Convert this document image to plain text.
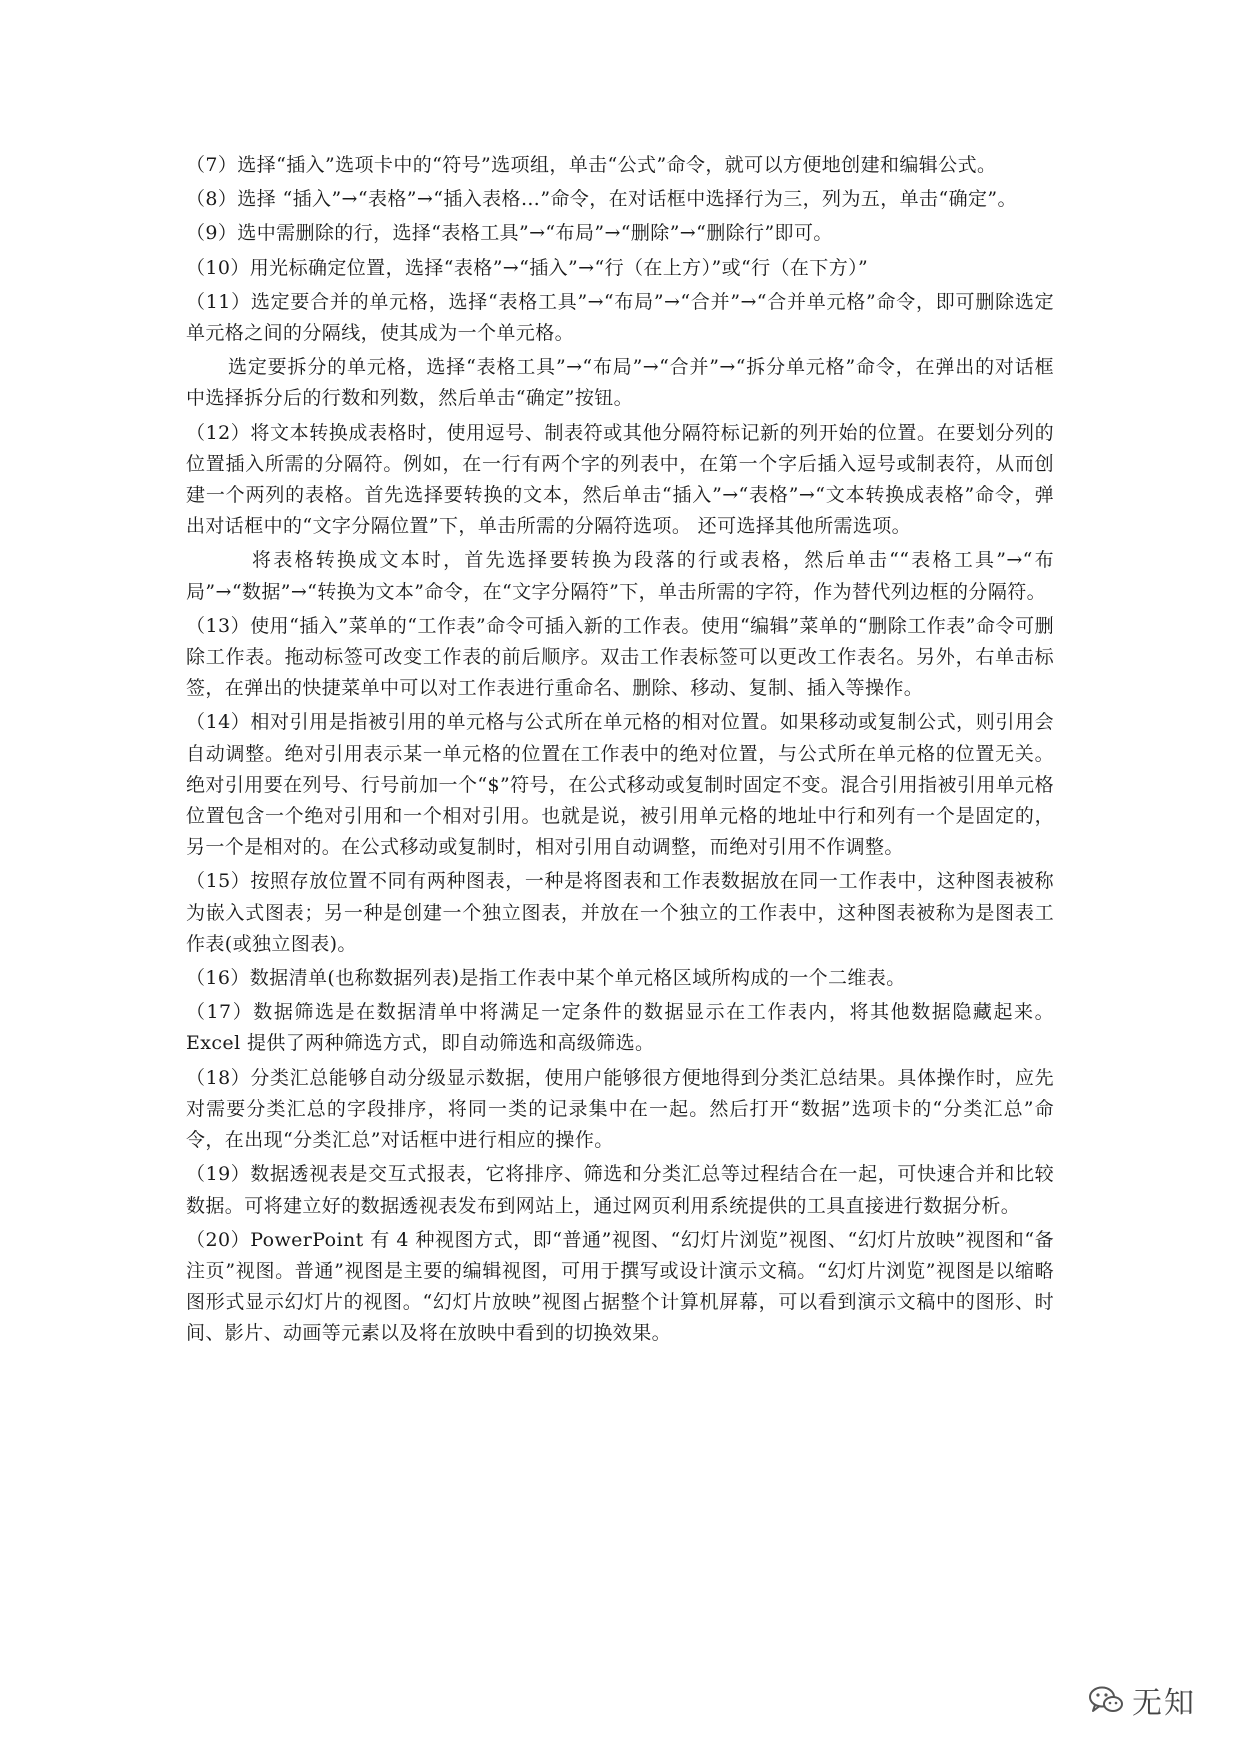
（7）选择“插入”选项卡中的“符号”选项组，单击“公式”命令，就可以方便地创建和编辑公式。

（8）选择 “插入”→“表格”→“插入表格…”命令，在对话框中选择行为三，列为五，单击“确定”。

（9）选中需删除的行，选择“表格工具”→“布局”→“删除”→“删除行”即可。

（10）用光标确定位置，选择“表格”→“插入”→“行（在上方）”或“行（在下方）”

（11）选定要合并的单元格，选择“表格工具”→“布局”→“合并”→“合并单元格”命令，即可删除选定单元格之间的分隔线，使其成为一个单元格。

选定要拆分的单元格，选择“表格工具”→“布局”→“合并”→“拆分单元格”命令，在弹出的对话框中选择拆分后的行数和列数，然后单击“确定”按钮。

（12）将文本转换成表格时，使用逗号、制表符或其他分隔符标记新的列开始的位置。在要划分列的位置插入所需的分隔符。例如，在一行有两个字的列表中，在第一个字后插入逗号或制表符，从而创建一个两列的表格。首先选择要转换的文本，然后单击“插入”→“表格”→“文本转换成表格”命令，弹出对话框中的“文字分隔位置”下，单击所需的分隔符选项。 还可选择其他所需选项。

将表格转换成文本时，首先选择要转换为段落的行或表格，然后单击““表格工具”→“布局”→“数据”→“转换为文本”命令，在“文字分隔符”下，单击所需的字符，作为替代列边框的分隔符。

（13）使用“插入”菜单的“工作表”命令可插入新的工作表。使用“编辑”菜单的“删除工作表”命令可删除工作表。拖动标签可改变工作表的前后顺序。双击工作表标签可以更改工作表名。另外，右单击标签，在弹出的快捷菜单中可以对工作表进行重命名、删除、移动、复制、插入等操作。

（14）相对引用是指被引用的单元格与公式所在单元格的相对位置。如果移动或复制公式，则引用会自动调整。绝对引用表示某一单元格的位置在工作表中的绝对位置，与公式所在单元格的位置无关。绝对引用要在列号、行号前加一个“$”符号，在公式移动或复制时固定不变。混合引用指被引用单元格位置包含一个绝对引用和一个相对引用。也就是说，被引用单元格的地址中行和列有一个是固定的，另一个是相对的。在公式移动或复制时，相对引用自动调整，而绝对引用不作调整。

（15）按照存放位置不同有两种图表，一种是将图表和工作表数据放在同一工作表中，这种图表被称为嵌入式图表；另一种是创建一个独立图表，并放在一个独立的工作表中，这种图表被称为是图表工作表(或独立图表)。

（16）数据清单(也称数据列表)是指工作表中某个单元格区域所构成的一个二维表。

（17）数据筛选是在数据清单中将满足一定条件的数据显示在工作表内，将其他数据隐藏起来。Excel 提供了两种筛选方式，即自动筛选和高级筛选。

（18）分类汇总能够自动分级显示数据，使用户能够很方便地得到分类汇总结果。具体操作时，应先对需要分类汇总的字段排序，将同一类的记录集中在一起。然后打开“数据”选项卡的“分类汇总”命令，在出现“分类汇总”对话框中进行相应的操作。

（19）数据透视表是交互式报表，它将排序、筛选和分类汇总等过程结合在一起，可快速合并和比较数据。可将建立好的数据透视表发布到网站上，通过网页利用系统提供的工具直接进行数据分析。

（20）PowerPoint 有 4 种视图方式，即“普通”视图、“幻灯片浏览”视图、“幻灯片放映”视图和“备注页”视图。普通”视图是主要的编辑视图，可用于撰写或设计演示文稿。“幻灯片浏览”视图是以缩略图形式显示幻灯片的视图。“幻灯片放映”视图占据整个计算机屏幕，可以看到演示文稿中的图形、时间、影片、动画等元素以及将在放映中看到的切换效果。

无知
